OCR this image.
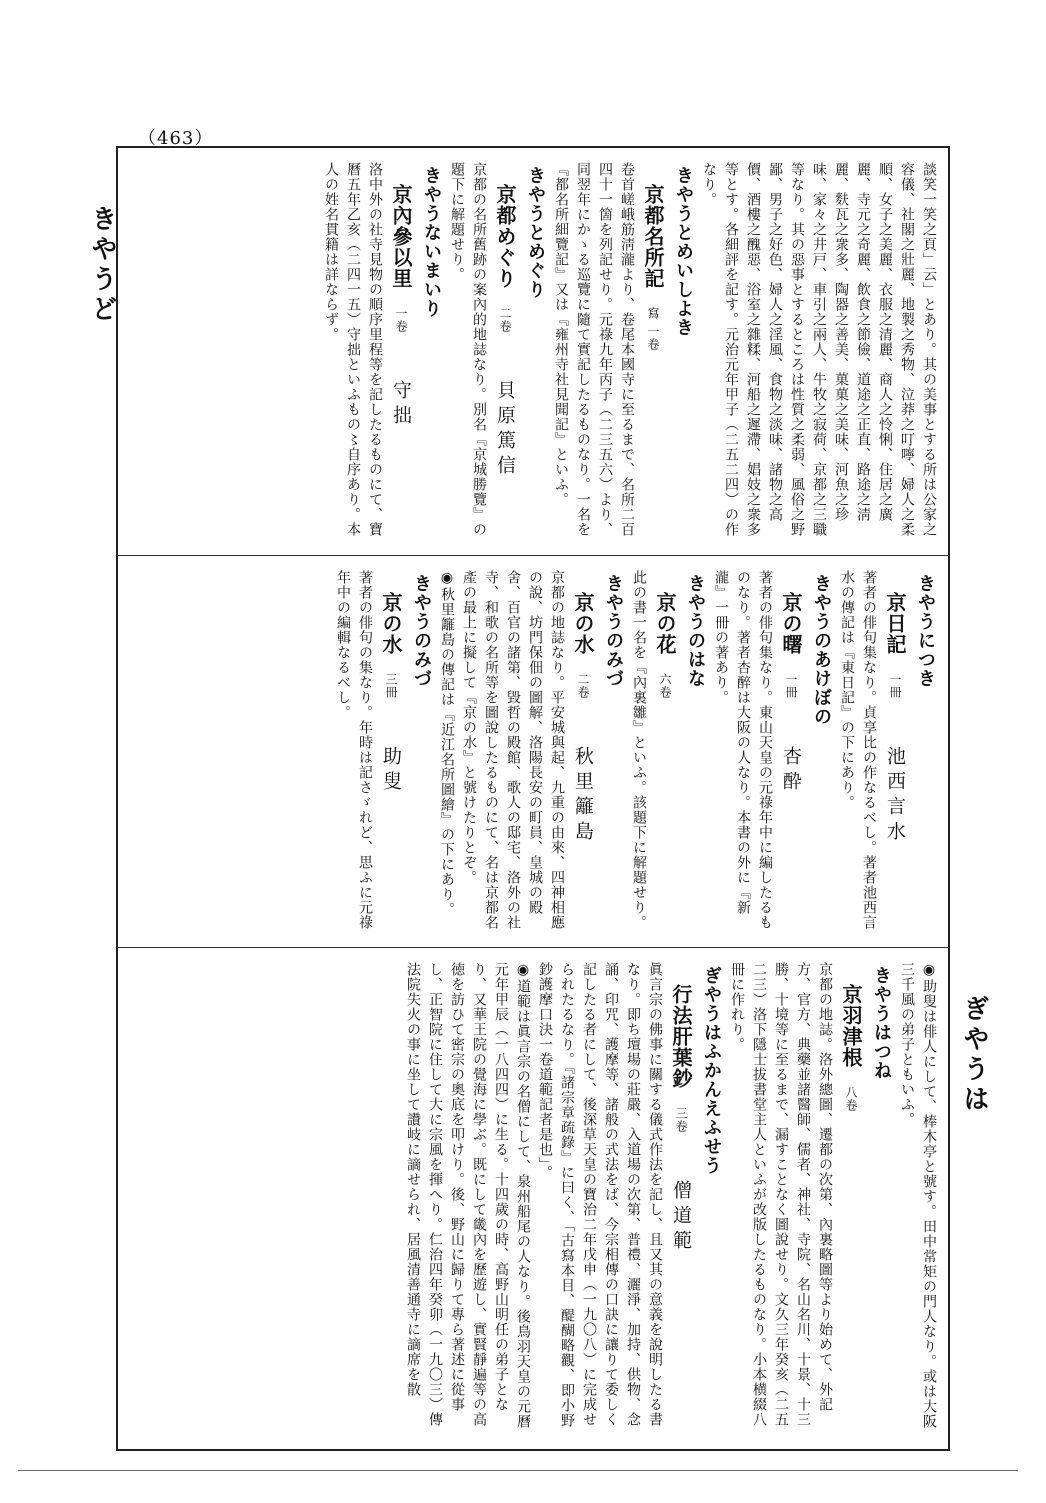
（463）
きやうど
ぎやうは
談笑一笑之頁」云」とあり。其の美事とする所は公家之容儀、社閣之壯麗、地製之秀物、泣莽之叮嚀、婦人之柔順、女子之美麗、衣服之清麗、商人之怜悧、住居之廣麗、寺元之奇麗、飲食之節儉、道途之正直、路途之淸麗、麩瓦之衆多、陶器之善美、菓菓之美味、河魚之珍味、家々之井戸、車引之兩人、牛牧之寂荷、京都之三職等なり。其の惡事とするところは性質之柔弱、風俗之野鄙、男子之好色、婦人之淫風、食物之淡味、諸物之高價、酒樓之醜惡、浴室之雜糅、河船之遲滯、娼妓之衆多等とす。各細評を記す。元治元年甲子（二五二四）の作なり。
きやうとめいしよき
京都名所記寫 一卷
卷首嵯峨筋淸瀧より、卷尾本國寺に至るまで、名所二百四十一箇を列記せり。元祿九年丙子（二三五六）より、同翌年にかゝる巡覽に隨て實記したるものなり。一名を『都名所細覽記』又は『雍州寺社見聞記』といふ。
きやうとめぐり
京都めぐり二卷貝原篤信
京都の名所舊跡の案內的地誌なり。別名『京城勝覽』の題下に解題せり。
きやうないまいり
京內參以里一卷守拙
洛中外の社寺見物の順序里程等を記したるものにて、寶曆五年乙亥（二四一五）守拙といふもの〻自序あり。本人の姓名貫籍は詳ならず。
きやうにつき
京日記一冊池西言水
著者の俳句集なり。貞享比の作なるべし。著者池西言水の傳記は『東日記』の下にあり。
きやうのあけぼの
京の曙一冊杏酔
著者の俳句集なり。東山天皇の元祿年中に編したるものなり。著者杏醉は大阪の人なり。本書の外に『新瀧』一冊の著あり。
きやうのはな
京の花六卷
此の書一名を『內裏雛』といふ。該題下に解題せり。
きやうのみづ
京の水二卷秋里籬島
京都の地誌なり。平安城與起、九重の由來、四神相應の說、坊門保佃の圖解、洛陽長安の町員、皇城の殿舍、百官の諸第、毀哲の殿館、歌人の邸宅、洛外の社寺、和歌の名所等を圖說したるものにて、名は京都名產の最上に擬して『京の水』と號けたりとぞ。
◉秋里籬島の傳記は『近江名所圖繪』の下にあり。
きやうのみづ
京の水三冊助叟
著者の俳句の集なり。年時は記さゞれど、思ふに元祿年中の編輯なるべし。
◉助叟は俳人にして、棒木亭と號す。田中常矩の門人なり。或は大阪三千風の弟子ともいふ。
きやうはつね
京羽津根八卷
京都の地誌。洛外總圖、遷都の次第、內裏略圖等より始めて、外記方、官方、典藥並諸醫師、儒者、神社、寺院、名山名川、十景、十三勝、十境等に至るまで、漏すことなく圖說せり。文久三年癸亥（二五二三）洛下隱士拔書堂主人といふが改版したるものなり。小本横綴八冊に作れり。
ぎやうはふかんえふせう
行法肝葉鈔三卷僧道範
眞言宗の佛事に關する儀式作法を記し、且又其の意義を說明したる書なり。即ち壇場の莊嚴、入道場の次第、普禮、灑淨、加持、供物、念誦、印咒、護摩等、諸般の式法をば、今宗相傳の口訣に讓りて委しく記したる者にして、後深草天皇の寶治二年戊申（一九〇八）に完成せられたるなり。『諸宗章疏錄』に曰く、「古寫本目、醍醐略觀、即小野鈔護摩口決一卷道範記者是也」。
◉道範は眞言宗の名僧にして、泉州船尾の人なり。後鳥羽天皇の元曆元年甲辰（一八四四）に生る。十四歲の時、高野山明任の弟子となり、又華王院の覺海に學ぶ。既にして畿內を歷遊し、實賢靜遍等の高徳を訪ひて密宗の奧底を叩けり。後、野山に歸りて專ら著述に從事し、正智院に住して大に宗風を揮へり。仁治四年癸卯（一九〇三）傳法院失火の事に坐して讚岐に謫せられ、居風清善通寺に謫席を散
